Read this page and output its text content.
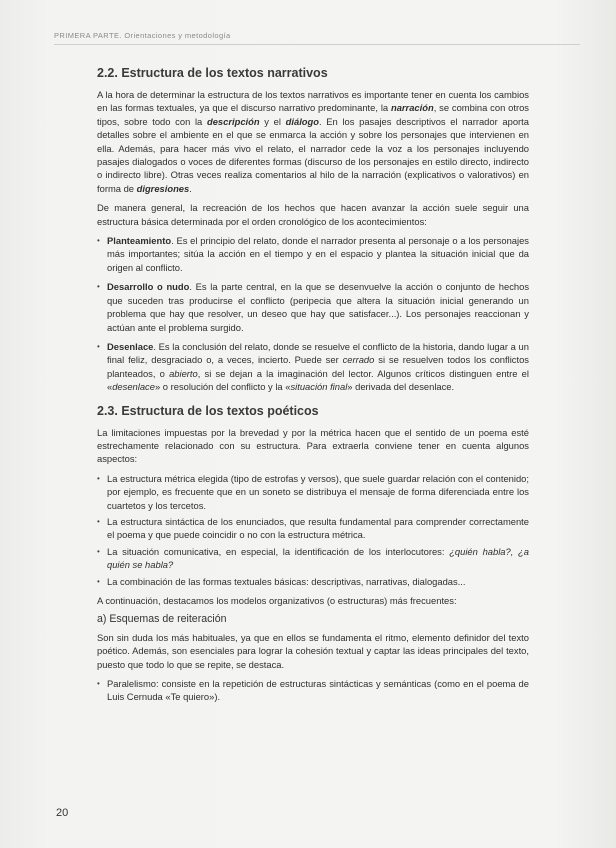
PRIMERA PARTE. Orientaciones y metodología
2.2. Estructura de los textos narrativos

A la hora de determinar la estructura de los textos narrativos es importante tener en cuenta los cambios en las formas textuales, ya que el discurso narrativo predominante, la narración, se combina con otros tipos, sobre todo con la descripción y el diálogo. En los pasajes descriptivos el narrador aporta detalles sobre el ambiente en el que se enmarca la acción y sobre los personajes que intervienen en ella. Además, para hacer más vivo el relato, el narrador cede la voz a los personajes incluyendo pasajes dialogados o voces de diferentes formas (discurso de los personajes en estilo directo, indirecto o indirecto libre). Otras veces realiza comentarios al hilo de la narración (explicativos o valorativos) en forma de digresiones.

De manera general, la recreación de los hechos que hacen avanzar la acción suele seguir una estructura básica determinada por el orden cronológico de los acontecimientos:

• Planteamiento. Es el principio del relato, donde el narrador presenta al personaje o a los personajes más importantes; sitúa la acción en el tiempo y en el espacio y plantea la situación inicial que da origen al conflicto.
• Desarrollo o nudo. Es la parte central, en la que se desenvuelve la acción o conjunto de hechos que suceden tras producirse el conflicto (peripecia que altera la situación inicial generando un problema que hay que resolver, un deseo que hay que satisfacer...). Los personajes reaccionan y actúan ante el problema surgido.
• Desenlace. Es la conclusión del relato, donde se resuelve el conflicto de la historia, dando lugar a un final feliz, desgraciado o, a veces, incierto. Puede ser cerrado si se resuelven todos los conflictos planteados, o abierto, si se dejan a la imaginación del lector. Algunos críticos distinguen entre el «desenlace» o resolución del conflicto y la «situación final» derivada del desenlace.
2.3. Estructura de los textos poéticos

La limitaciones impuestas por la brevedad y por la métrica hacen que el sentido de un poema esté estrechamente relacionado con su estructura. Para extraerla conviene tener en cuenta algunos aspectos:

• La estructura métrica elegida (tipo de estrofas y versos), que suele guardar relación con el contenido; por ejemplo, es frecuente que en un soneto se distribuya el mensaje de forma diferenciada entre los cuartetos y los tercetos.
• La estructura sintáctica de los enunciados, que resulta fundamental para comprender correctamente el poema y que puede coincidir o no con la estructura métrica.
• La situación comunicativa, en especial, la identificación de los interlocutores: ¿quién habla?, ¿a quién se habla?
• La combinación de las formas textuales básicas: descriptivas, narrativas, dialogadas...

A continuación, destacamos los modelos organizativos (o estructuras) más frecuentes:

a) Esquemas de reiteración

Son sin duda los más habituales, ya que en ellos se fundamenta el ritmo, elemento definidor del texto poético. Además, son esenciales para lograr la cohesión textual y captar las ideas principales del texto, puesto que todo lo que se repite, se destaca.

• Paralelismo: consiste en la repetición de estructuras sintácticas y semánticas (como en el poema de Luis Cernuda «Te quiero»).
20
